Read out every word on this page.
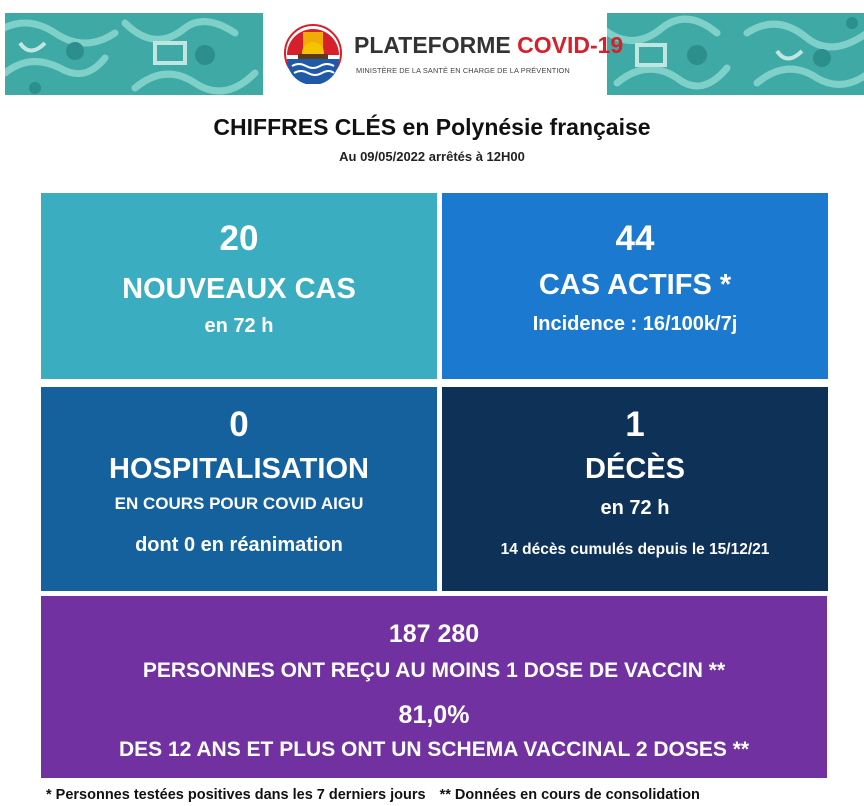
PLATEFORME COVID-19
MINISTÈRE DE LA SANTÉ EN CHARGE DE LA PRÉVENTION
CHIFFRES CLÉS en Polynésie française
Au 09/05/2022 arrêtés à 12H00
20
NOUVEAUX CAS
en 72 h
44
CAS ACTIFS *
Incidence : 16/100k/7j
0
HOSPITALISATION
EN COURS POUR COVID AIGU
dont 0 en réanimation
1
DÉCÈS
en 72 h
14 décès cumulés depuis le 15/12/21
187 280
PERSONNES ONT REÇU AU MOINS 1 DOSE DE VACCIN **
81,0%
DES 12 ANS ET PLUS ONT UN SCHEMA VACCINAL 2 DOSES **
* Personnes testées positives dans les 7 derniers jours ** Données en cours de consolidation
